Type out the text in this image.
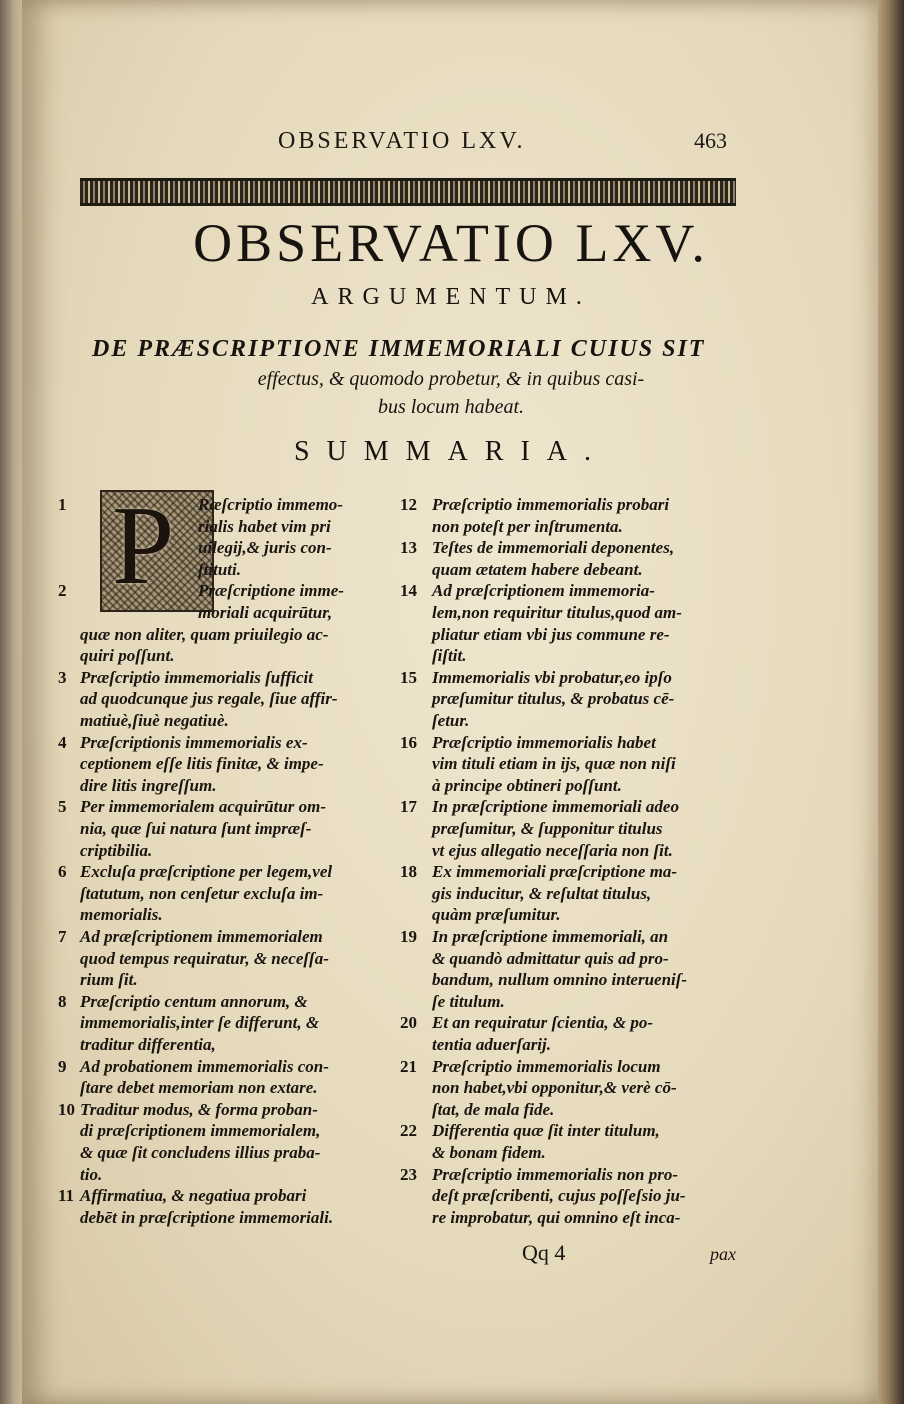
OBSERVATIO LXV.	463
OBSERVATIO LXV.
ARGUMENTUM.
DE PRÆSCRIPTIONE IMMEMORIALI CUIUS SIT
effectus, & quomodo probetur, & in quibus casi-
bus locum habeat.
SUMMARIA.
P
1	Ræſcriptio immemo-
rialis habet vim pri
uilegij,& juris con-
ſtituti.
2	Præſcriptione imme-
moriali acquirūtur,
quæ non aliter, quam priuilegio ac-
quiri poſſunt.
3 Præſcriptio immemorialis ſufficit
ad quodcunque jus regale, ſiue affir-
matiuè,ſiuè negatiuè.
4 Præſcriptionis immemorialis ex-
ceptionem eſſe litis finitæ, & impe-
dire litis ingreſſum.
5 Per immemorialem acquirūtur om-
nia, quæ ſui natura ſunt impræſ-
criptibilia.
6 Excluſa præſcriptione per legem,vel
ſtatutum, non cenſetur excluſa im-
memorialis.
7 Ad præſcriptionem immemorialem
quod tempus requiratur, & neceſſa-
rium ſit.
8 Præſcriptio centum annorum, &
immemorialis,inter ſe differunt, &
traditur differentia,
9 Ad probationem immemorialis con-
ſtare debet memoriam non extare.
10 Traditur modus, & forma proban-
di præſcriptionem immemorialem,
& quæ ſit concludens illius praba-
tio.
11 Affirmatiua, & negatiua probari
debēt in præſcriptione immemoriali.
12 Præſcriptio immemorialis probari
non poteſt per inſtrumenta.
13 Teſtes de immemoriali deponentes,
quam ætatem habere debeant.
14 Ad præſcriptionem immemoria-
lem,non requiritur titulus,quod am-
pliatur etiam vbi jus commune re-
ſiſtit.
15 Immemorialis vbi probatur,eo ipſo
præſumitur titulus, & probatus cē-
ſetur.
16 Præſcriptio immemorialis habet
vim tituli etiam in ijs, quæ non niſi
à principe obtineri poſſunt.
17 In præſcriptione immemoriali adeo
præſumitur, & ſupponitur titulus
vt ejus allegatio neceſſaria non ſit.
18 Ex immemoriali præſcriptione ma-
gis inducitur, & reſultat titulus,
quàm præſumitur.
19 In præſcriptione immemoriali, an
& quandò admittatur quis ad pro-
bandum, nullum omnino interueniſ-
ſe titulum.
20 Et an requiratur ſcientia, & po-
tentia aduerſarij.
21 Præſcriptio immemorialis locum
non habet,vbi opponitur,& verè cō-
ſtat, de mala fide.
22 Differentia quæ ſit inter titulum,
& bonam fidem.
23 Præſcriptio immemorialis non pro-
deſt præſcribenti, cujus poſſeſsio ju-
re improbatur, qui omnino eſt inca-
Qq 4	pax
